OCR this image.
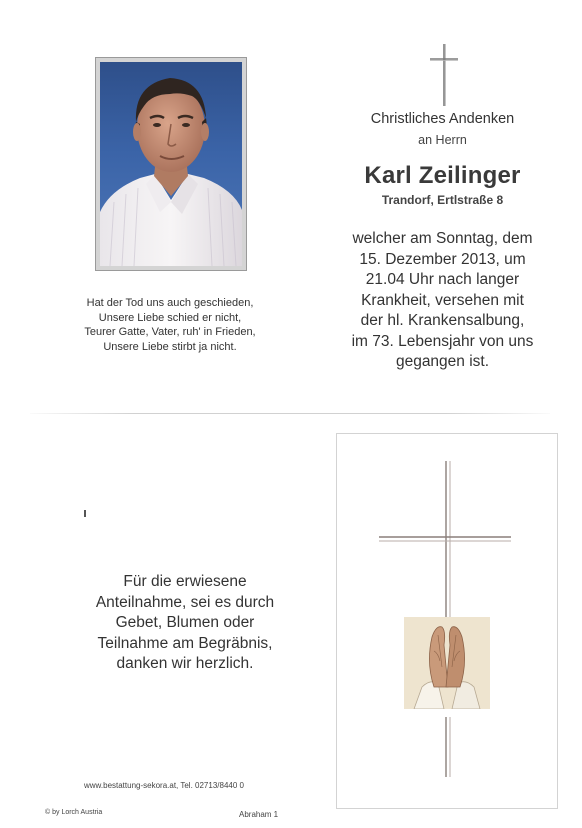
Hat der Tod uns auch geschieden,
Unsere Liebe schied er nicht,
Teurer Gatte, Vater, ruh' in Frieden,
Unsere Liebe stirbt ja nicht.
Christliches Andenken
an Herrn
Karl Zeilinger
Trandorf, Ertlstraße 8
welcher am Sonntag, dem
15. Dezember 2013, um
21.04 Uhr nach langer
Krankheit, versehen mit
der hl. Krankensalbung,
im 73. Lebensjahr von uns
gegangen ist.
Für die erwiesene
Anteilnahme, sei es durch
Gebet, Blumen oder
Teilnahme am Begräbnis,
danken wir herzlich.
www.bestattung-sekora.at, Tel. 02713/8440 0
© by Lorch Austria	Abraham 1
